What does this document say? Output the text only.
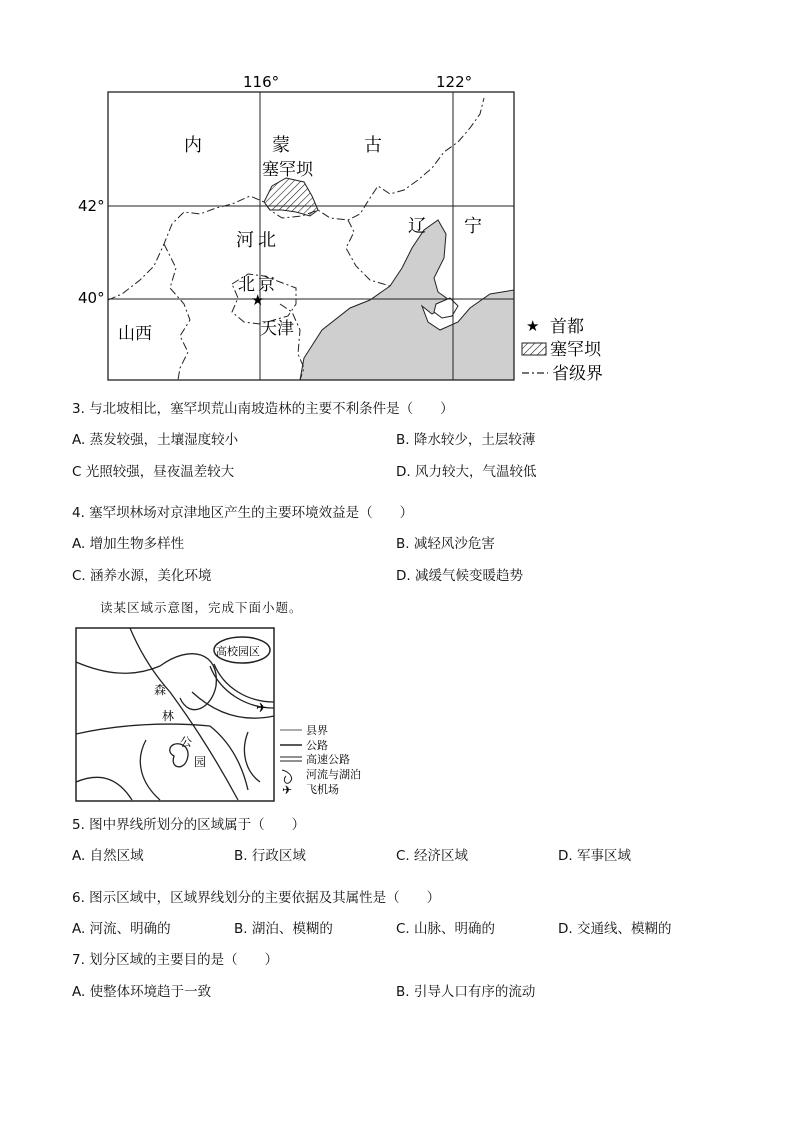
116°	122°
42°
40°
内	蒙	古
塞罕坝
河北
辽 宁
北京
天津
山西
★
★ 首都
塞罕坝
省级界
3. 与北坡相比，塞罕坝荒山南坡造林的主要不利条件是（　　）
A. 蒸发较强，土壤湿度较小	B. 降水较少，土层较薄
C 光照较强，昼夜温差较大	D. 风力较大，气温较低
4. 塞罕坝林场对京津地区产生的主要环境效益是（　　）
A. 增加生物多样性	B. 减轻风沙危害
C. 涵养水源，美化环境	D. 减缓气候变暖趋势
读某区域示意图，完成下面小题。
高校园区
森
林
公
园
✈
县界
公路
高速公路
河流与湖泊
✈ 飞机场
5. 图中界线所划分的区域属于（　　）
A. 自然区域	B. 行政区域	C. 经济区域	D. 军事区域
6. 图示区域中，区域界线划分的主要依据及其属性是（　　）
A. 河流、明确的	B. 湖泊、模糊的	C. 山脉、明确的	D. 交通线、模糊的
7. 划分区域的主要目的是（　　）
A. 使整体环境趋于一致	B. 引导人口有序的流动
